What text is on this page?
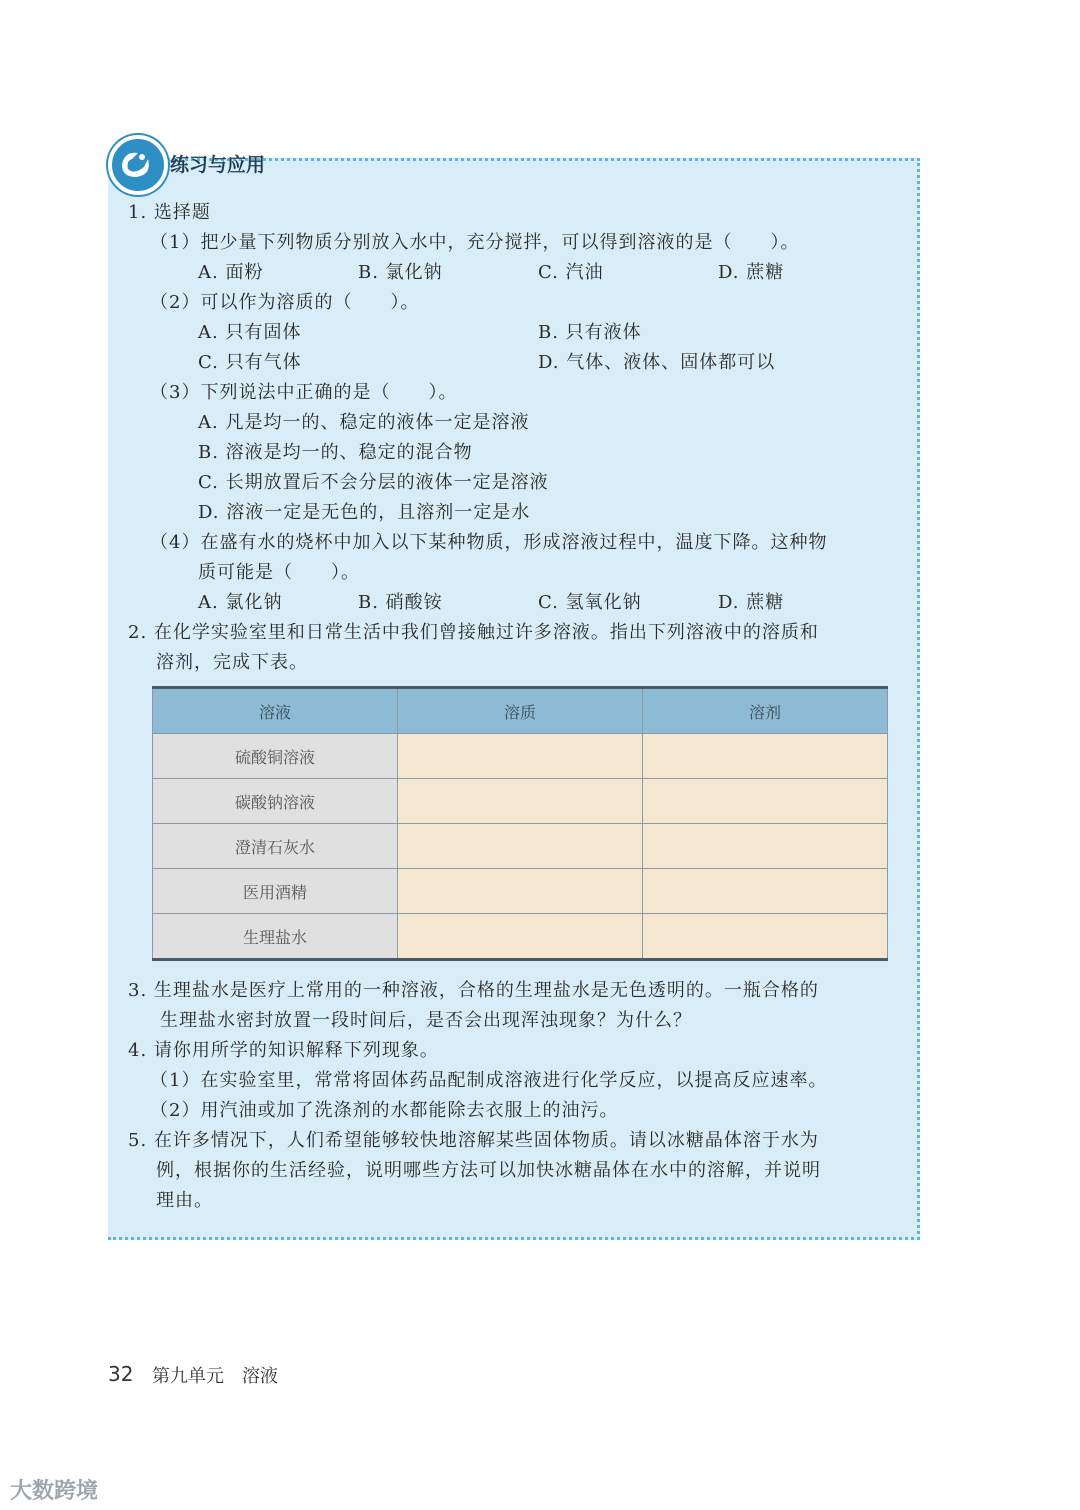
练习与应用
1. 选择题
（1）把少量下列物质分别放入水中，充分搅拌，可以得到溶液的是（　　）。
A. 面粉	B. 氯化钠	C. 汽油	D. 蔗糖
（2）可以作为溶质的（　　）。
A. 只有固体	B. 只有液体
C. 只有气体	D. 气体、液体、固体都可以
（3）下列说法中正确的是（　　）。
A. 凡是均一的、稳定的液体一定是溶液
B. 溶液是均一的、稳定的混合物
C. 长期放置后不会分层的液体一定是溶液
D. 溶液一定是无色的，且溶剂一定是水
（4）在盛有水的烧杯中加入以下某种物质，形成溶液过程中，温度下降。这种物
质可能是（　　）。
A. 氯化钠	B. 硝酸铵	C. 氢氧化钠	D. 蔗糖
2. 在化学实验室里和日常生活中我们曾接触过许多溶液。指出下列溶液中的溶质和
溶剂，完成下表。
溶液	溶质	溶剂
硫酸铜溶液		
碳酸钠溶液		
澄清石灰水		
医用酒精		
生理盐水		
3. 生理盐水是医疗上常用的一种溶液，合格的生理盐水是无色透明的。一瓶合格的
生理盐水密封放置一段时间后，是否会出现浑浊现象？为什么？
4. 请你用所学的知识解释下列现象。
（1）在实验室里，常常将固体药品配制成溶液进行化学反应，以提高反应速率。
（2）用汽油或加了洗涤剂的水都能除去衣服上的油污。
5. 在许多情况下，人们希望能够较快地溶解某些固体物质。请以冰糖晶体溶于水为
例，根据你的生活经验，说明哪些方法可以加快冰糖晶体在水中的溶解，并说明
理由。
32 第九单元　溶液
大数跨境
